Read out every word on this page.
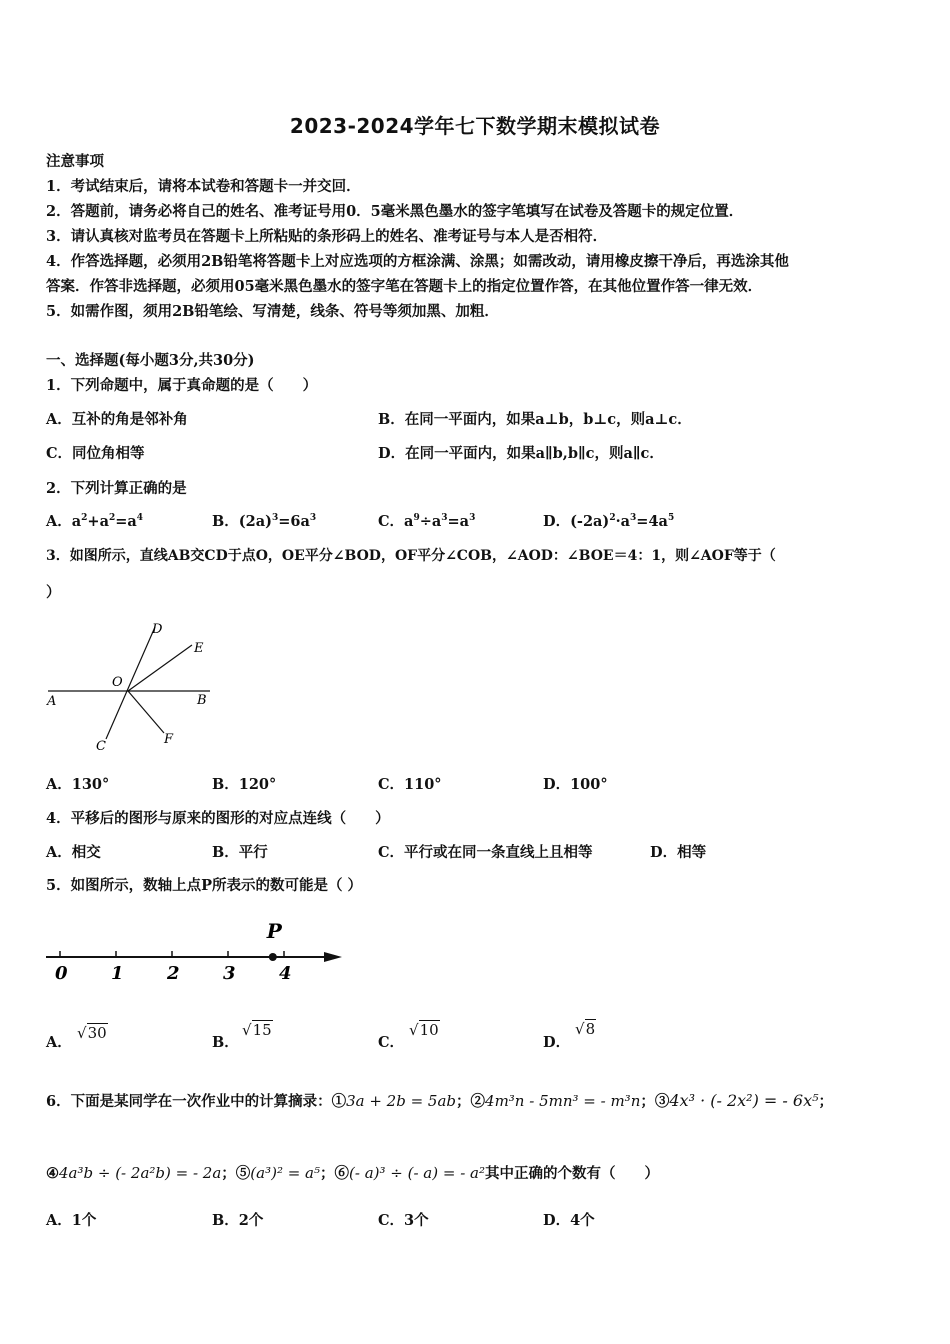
2023-2024学年七下数学期末模拟试卷
注意事项
1．考试结束后，请将本试卷和答题卡一并交回．
2．答题前，请务必将自己的姓名、准考证号用0．5毫米黑色墨水的签字笔填写在试卷及答题卡的规定位置．
3．请认真核对监考员在答题卡上所粘贴的条形码上的姓名、准考证号与本人是否相符．
4．作答选择题，必须用2B铅笔将答题卡上对应选项的方框涂满、涂黑；如需改动，请用橡皮擦干净后，再选涂其他
答案．作答非选择题，必须用05毫米黑色墨水的签字笔在答题卡上的指定位置作答，在其他位置作答一律无效．
5．如需作图，须用2B铅笔绘、写清楚，线条、符号等须加黑、加粗．
一、选择题(每小题3分,共30分)
1．下列命题中，属于真命题的是（　　）
A．互补的角是邻补角	B．在同一平面内，如果a⊥b，b⊥c，则a⊥c．
C．同位角相等	D．在同一平面内，如果a∥b,b∥c，则a∥c．
2．下列计算正确的是
A．$a^2+a^2=a^4$	B．$(2a)^3=6a^3$	C．$a^9\div a^3=a^3$	D．$(-2a)^2\cdot a^3=4a^5$
3．如图所示，直线AB交CD于点O，OE平分∠BOD，OF平分∠COB，∠AOD：∠BOE＝4：1，则∠AOF等于（
）
A	B
C
D
E
F
O
A．130°	B．120°	C．110°	D．100°
4．平移后的图形与原来的图形的对应点连线（　　）
A．相交	B．平行	C．平行或在同一条直线上且相等	D．相等
5．如图所示，数轴上点P所表示的数可能是（ ）
0 1 2 3 4
P
A．
√30
B．
√15
C．
√10
D．
√8
6．下面是某同学在一次作业中的计算摘录：①3a + 2b = 5ab；②4m³n - 5mn³ = - m³n；③4x³ · (- 2x²) = - 6x⁵；
④4a³b ÷ (- 2a²b) = - 2a；⑤(a³)² = a⁵；⑥(- a)³ ÷ (- a) = - a²其中正确的个数有（　　）
A．1个	B．2个	C．3个	D．4个
